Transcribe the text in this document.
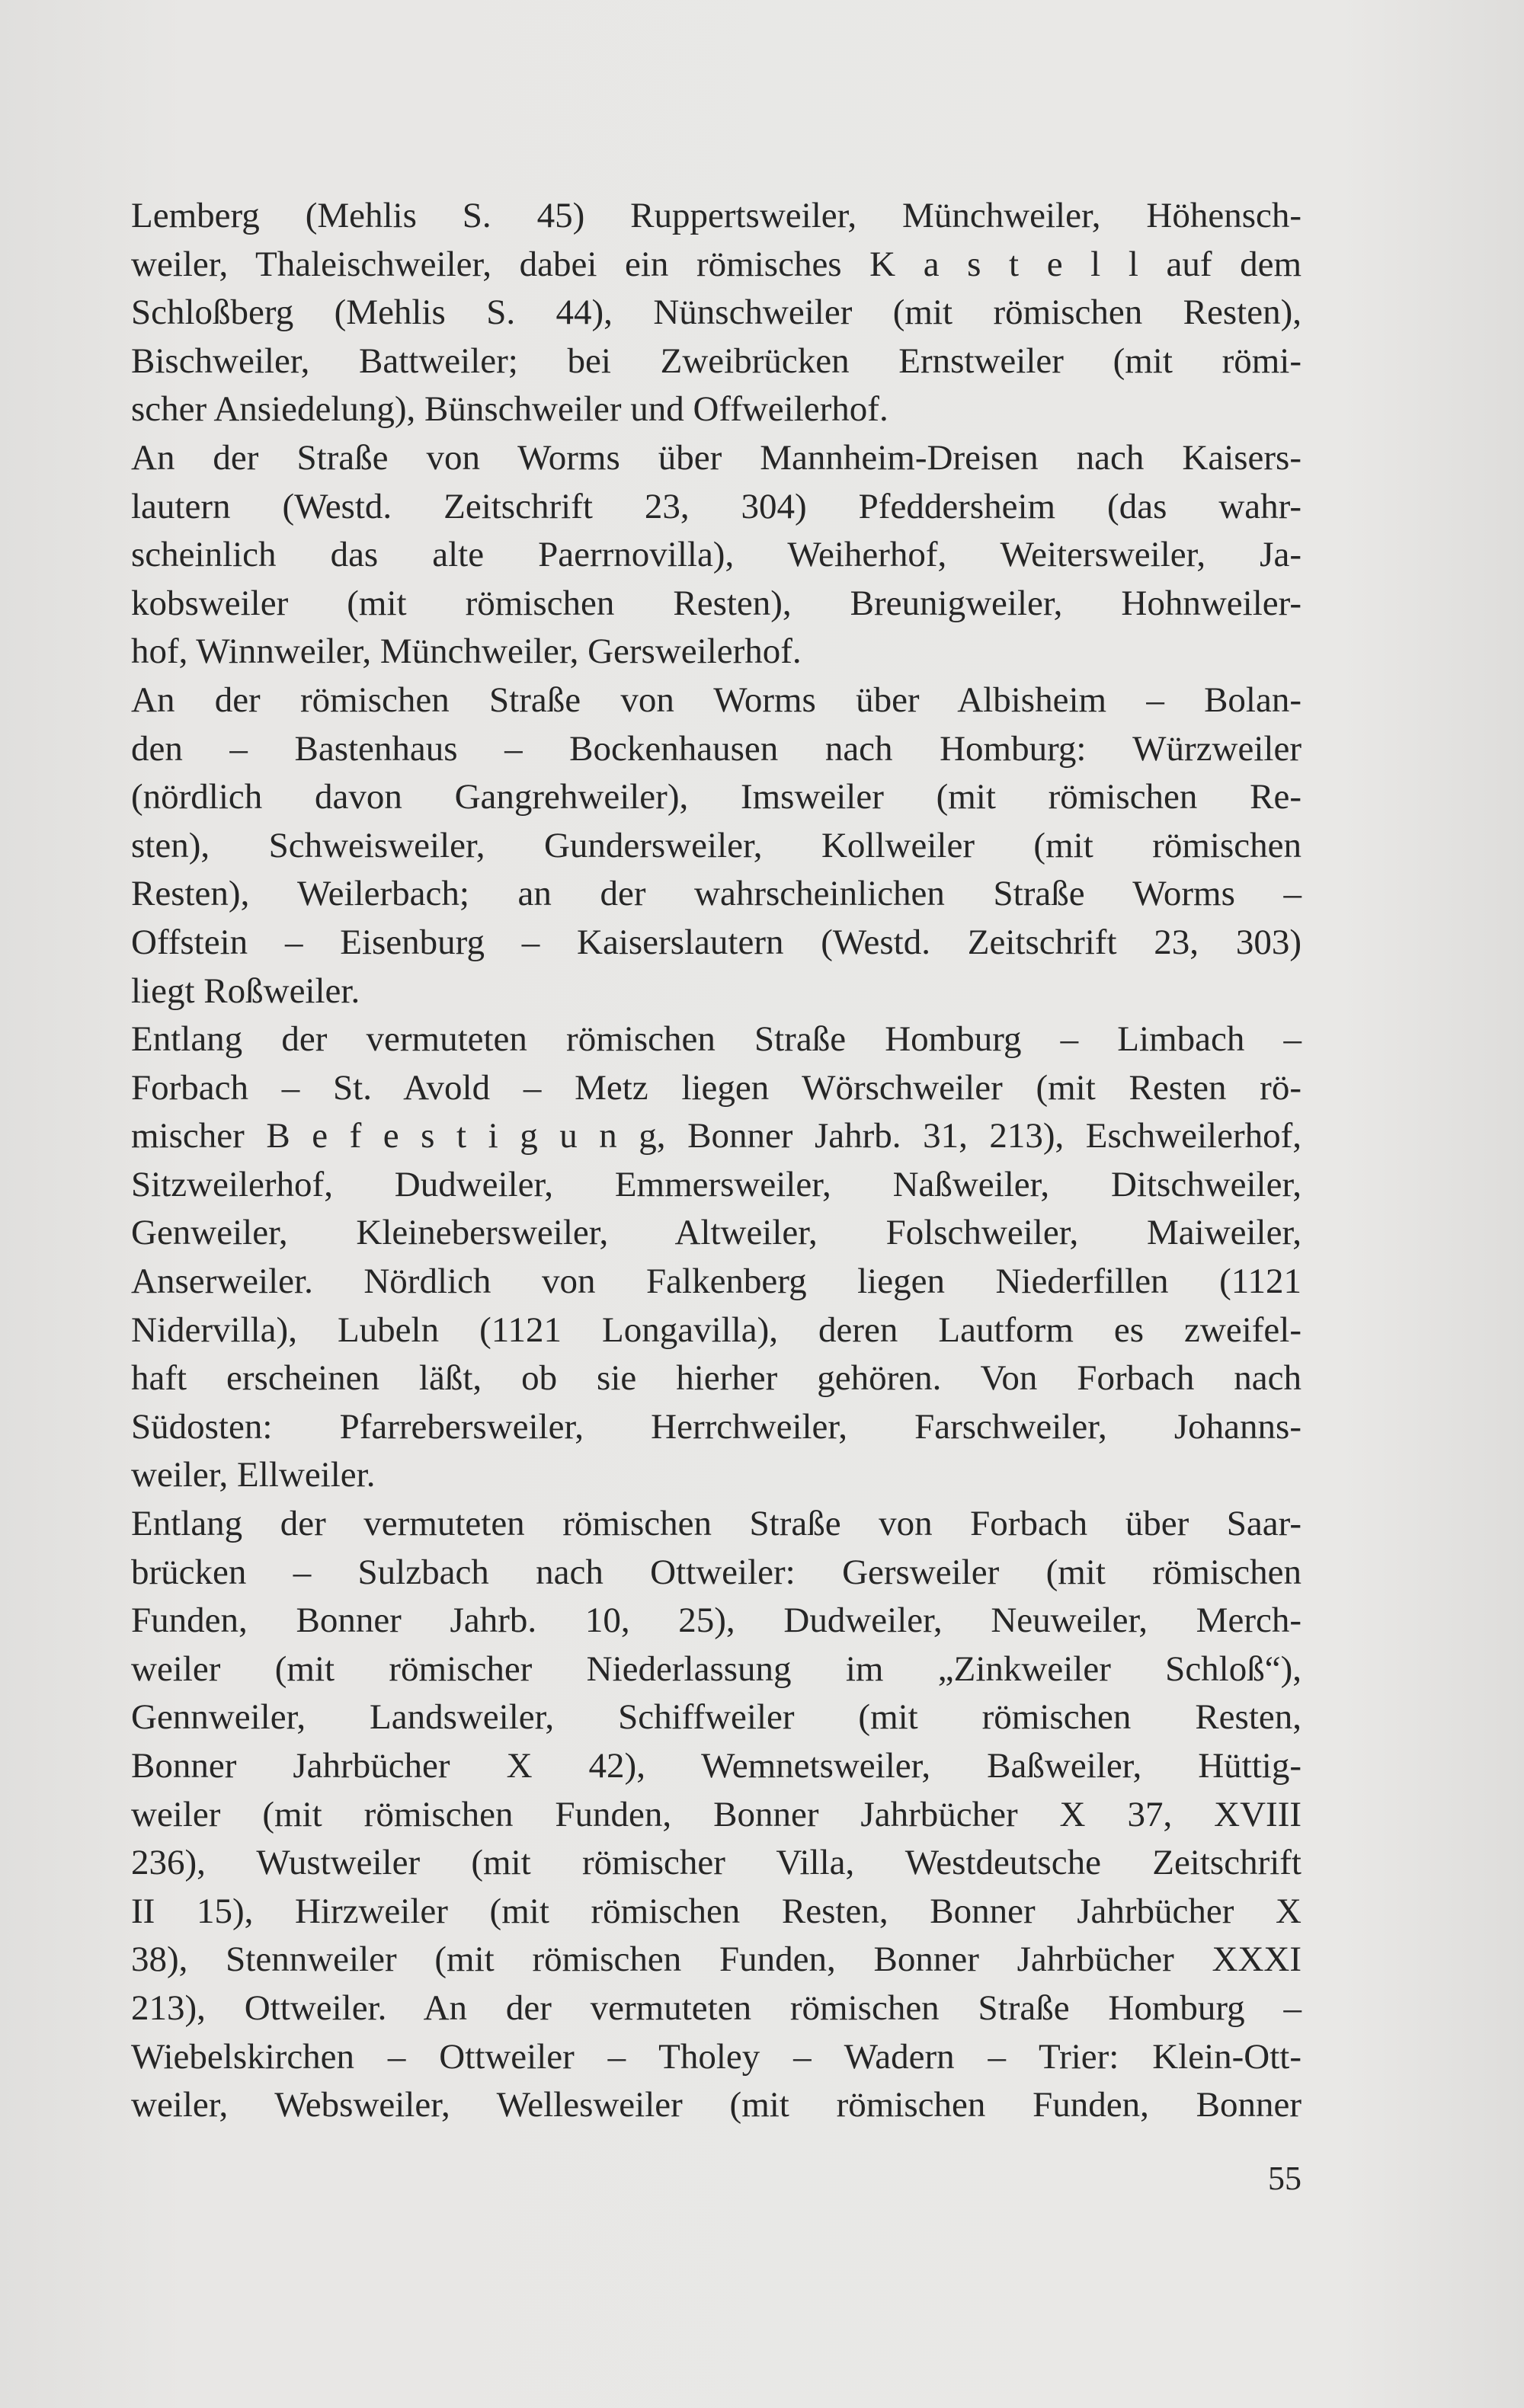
Lemberg (Mehlis S. 45) Ruppertsweiler, Münchweiler, Höhensch-
weiler, Thaleischweiler, dabei ein römisches K a s t e l l auf dem
Schloßberg (Mehlis S. 44), Nünschweiler (mit römischen Resten),
Bischweiler, Battweiler; bei Zweibrücken Ernstweiler (mit römi-
scher Ansiedelung), Bünschweiler und Offweilerhof.
An der Straße von Worms über Mannheim-Dreisen nach Kaisers-
lautern (Westd. Zeitschrift 23, 304) Pfeddersheim (das wahr-
scheinlich das alte Paerrnovilla), Weiherhof, Weitersweiler, Ja-
kobsweiler (mit römischen Resten), Breunigweiler, Hohnweiler-
hof, Winnweiler, Münchweiler, Gersweilerhof.
An der römischen Straße von Worms über Albisheim – Bolan-
den – Bastenhaus – Bockenhausen nach Homburg: Würzweiler
(nördlich davon Gangrehweiler), Imsweiler (mit römischen Re-
sten), Schweisweiler, Gundersweiler, Kollweiler (mit römischen
Resten), Weilerbach; an der wahrscheinlichen Straße Worms –
Offstein – Eisenburg – Kaiserslautern (Westd. Zeitschrift 23, 303)
liegt Roßweiler.
Entlang der vermuteten römischen Straße Homburg – Limbach –
Forbach – St. Avold – Metz liegen Wörschweiler (mit Resten rö-
mischer B e f e s t i g u n g, Bonner Jahrb. 31, 213), Eschweilerhof,
Sitzweilerhof, Dudweiler, Emmersweiler, Naßweiler, Ditschweiler,
Genweiler, Kleinebersweiler, Altweiler, Folschweiler, Maiweiler,
Anserweiler. Nördlich von Falkenberg liegen Niederfillen (1121
Nidervilla), Lubeln (1121 Longavilla), deren Lautform es zweifel-
haft erscheinen läßt, ob sie hierher gehören. Von Forbach nach
Südosten: Pfarrebersweiler, Herrchweiler, Farschweiler, Johanns-
weiler, Ellweiler.
Entlang der vermuteten römischen Straße von Forbach über Saar-
brücken – Sulzbach nach Ottweiler: Gersweiler (mit römischen
Funden, Bonner Jahrb. 10, 25), Dudweiler, Neuweiler, Merch-
weiler (mit römischer Niederlassung im „Zinkweiler Schloß“),
Gennweiler, Landsweiler, Schiffweiler (mit römischen Resten,
Bonner Jahrbücher X 42), Wemnetsweiler, Baßweiler, Hüttig-
weiler (mit römischen Funden, Bonner Jahrbücher X 37, XVIII
236), Wustweiler (mit römischer Villa, Westdeutsche Zeitschrift
II 15), Hirzweiler (mit römischen Resten, Bonner Jahrbücher X
38), Stennweiler (mit römischen Funden, Bonner Jahrbücher XXXI
213), Ottweiler. An der vermuteten römischen Straße Homburg –
Wiebelskirchen – Ottweiler – Tholey – Wadern – Trier: Klein-Ott-
weiler, Websweiler, Wellesweiler (mit römischen Funden, Bonner
55
